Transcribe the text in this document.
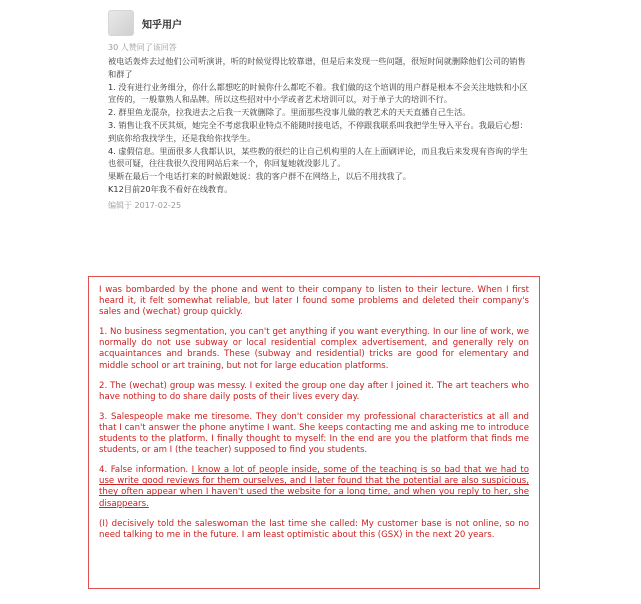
知乎用户
30 人赞同了该回答

被电话轰炸去过他们公司听演讲，听的时候觉得比较靠谱，但是后来发现一些问题，很短时间就删除他们公司的销售和群了

1. 没有进行业务细分，你什么都想吃的时候你什么都吃不着。我们做的这个培训的用户群是根本不会关注地铁和小区宣传的，一般靠熟人和品牌。所以这些招对中小学或者艺术培训可以，对于单子大的培训不行。

2. 群里鱼龙混杂，拉我进去之后我一天就删除了。里面那些没事儿做的教艺术的天天直播自己生活。

3. 销售让我不厌其烦，她完全不考虑我职业特点不能随时接电话，不停跟我联系叫我把学生导入平台。我最后心想：到底你给我找学生，还是我给你找学生。

4. 虚假信息。里面很多人我都认识，某些教的很烂的让自己机构里的人在上面刷评论，而且我后来发现有咨询的学生也很可疑，往往我很久没用网站后来一个，你回复她就没影儿了。

果断在最后一个电话打来的时候跟她说：我的客户群不在网络上，以后不用找我了。

K12目前20年我不看好在线教育。

编辑于 2017-02-25

I was bombarded by the phone and went to their company to listen to their lecture. When I first heard it, it felt somewhat reliable, but later I found some problems and deleted their company's sales and (wechat) group quickly.

1. No business segmentation, you can't get anything if you want everything. In our line of work, we normally do not use subway or local residential complex advertisement, and generally rely on acquaintances and brands. These (subway and residential) tricks are good for elementary and middle school or art training, but not for large education platforms.

2. The (wechat) group was messy. I exited the group one day after I joined it. The art teachers who have nothing to do share daily posts of their lives every day.

3. Salespeople make me tiresome. They don't consider my professional characteristics at all and that I can't answer the phone anytime I want. She keeps contacting me and asking me to introduce students to the platform. I finally thought to myself: In the end are you the platform that finds me students, or am I (the teacher) supposed to find you students.

4. False information. I know a lot of people inside, some of the teaching is so bad that we had to use write good reviews for them ourselves, and I later found that the potential are also suspicious, they often appear when I haven't used the website for a long time, and when you reply to her, she disappears.

(I) decisively told the saleswoman the last time she called: My customer base is not online, so no need talking to me in the future. I am least optimistic about this (GSX) in the next 20 years.
